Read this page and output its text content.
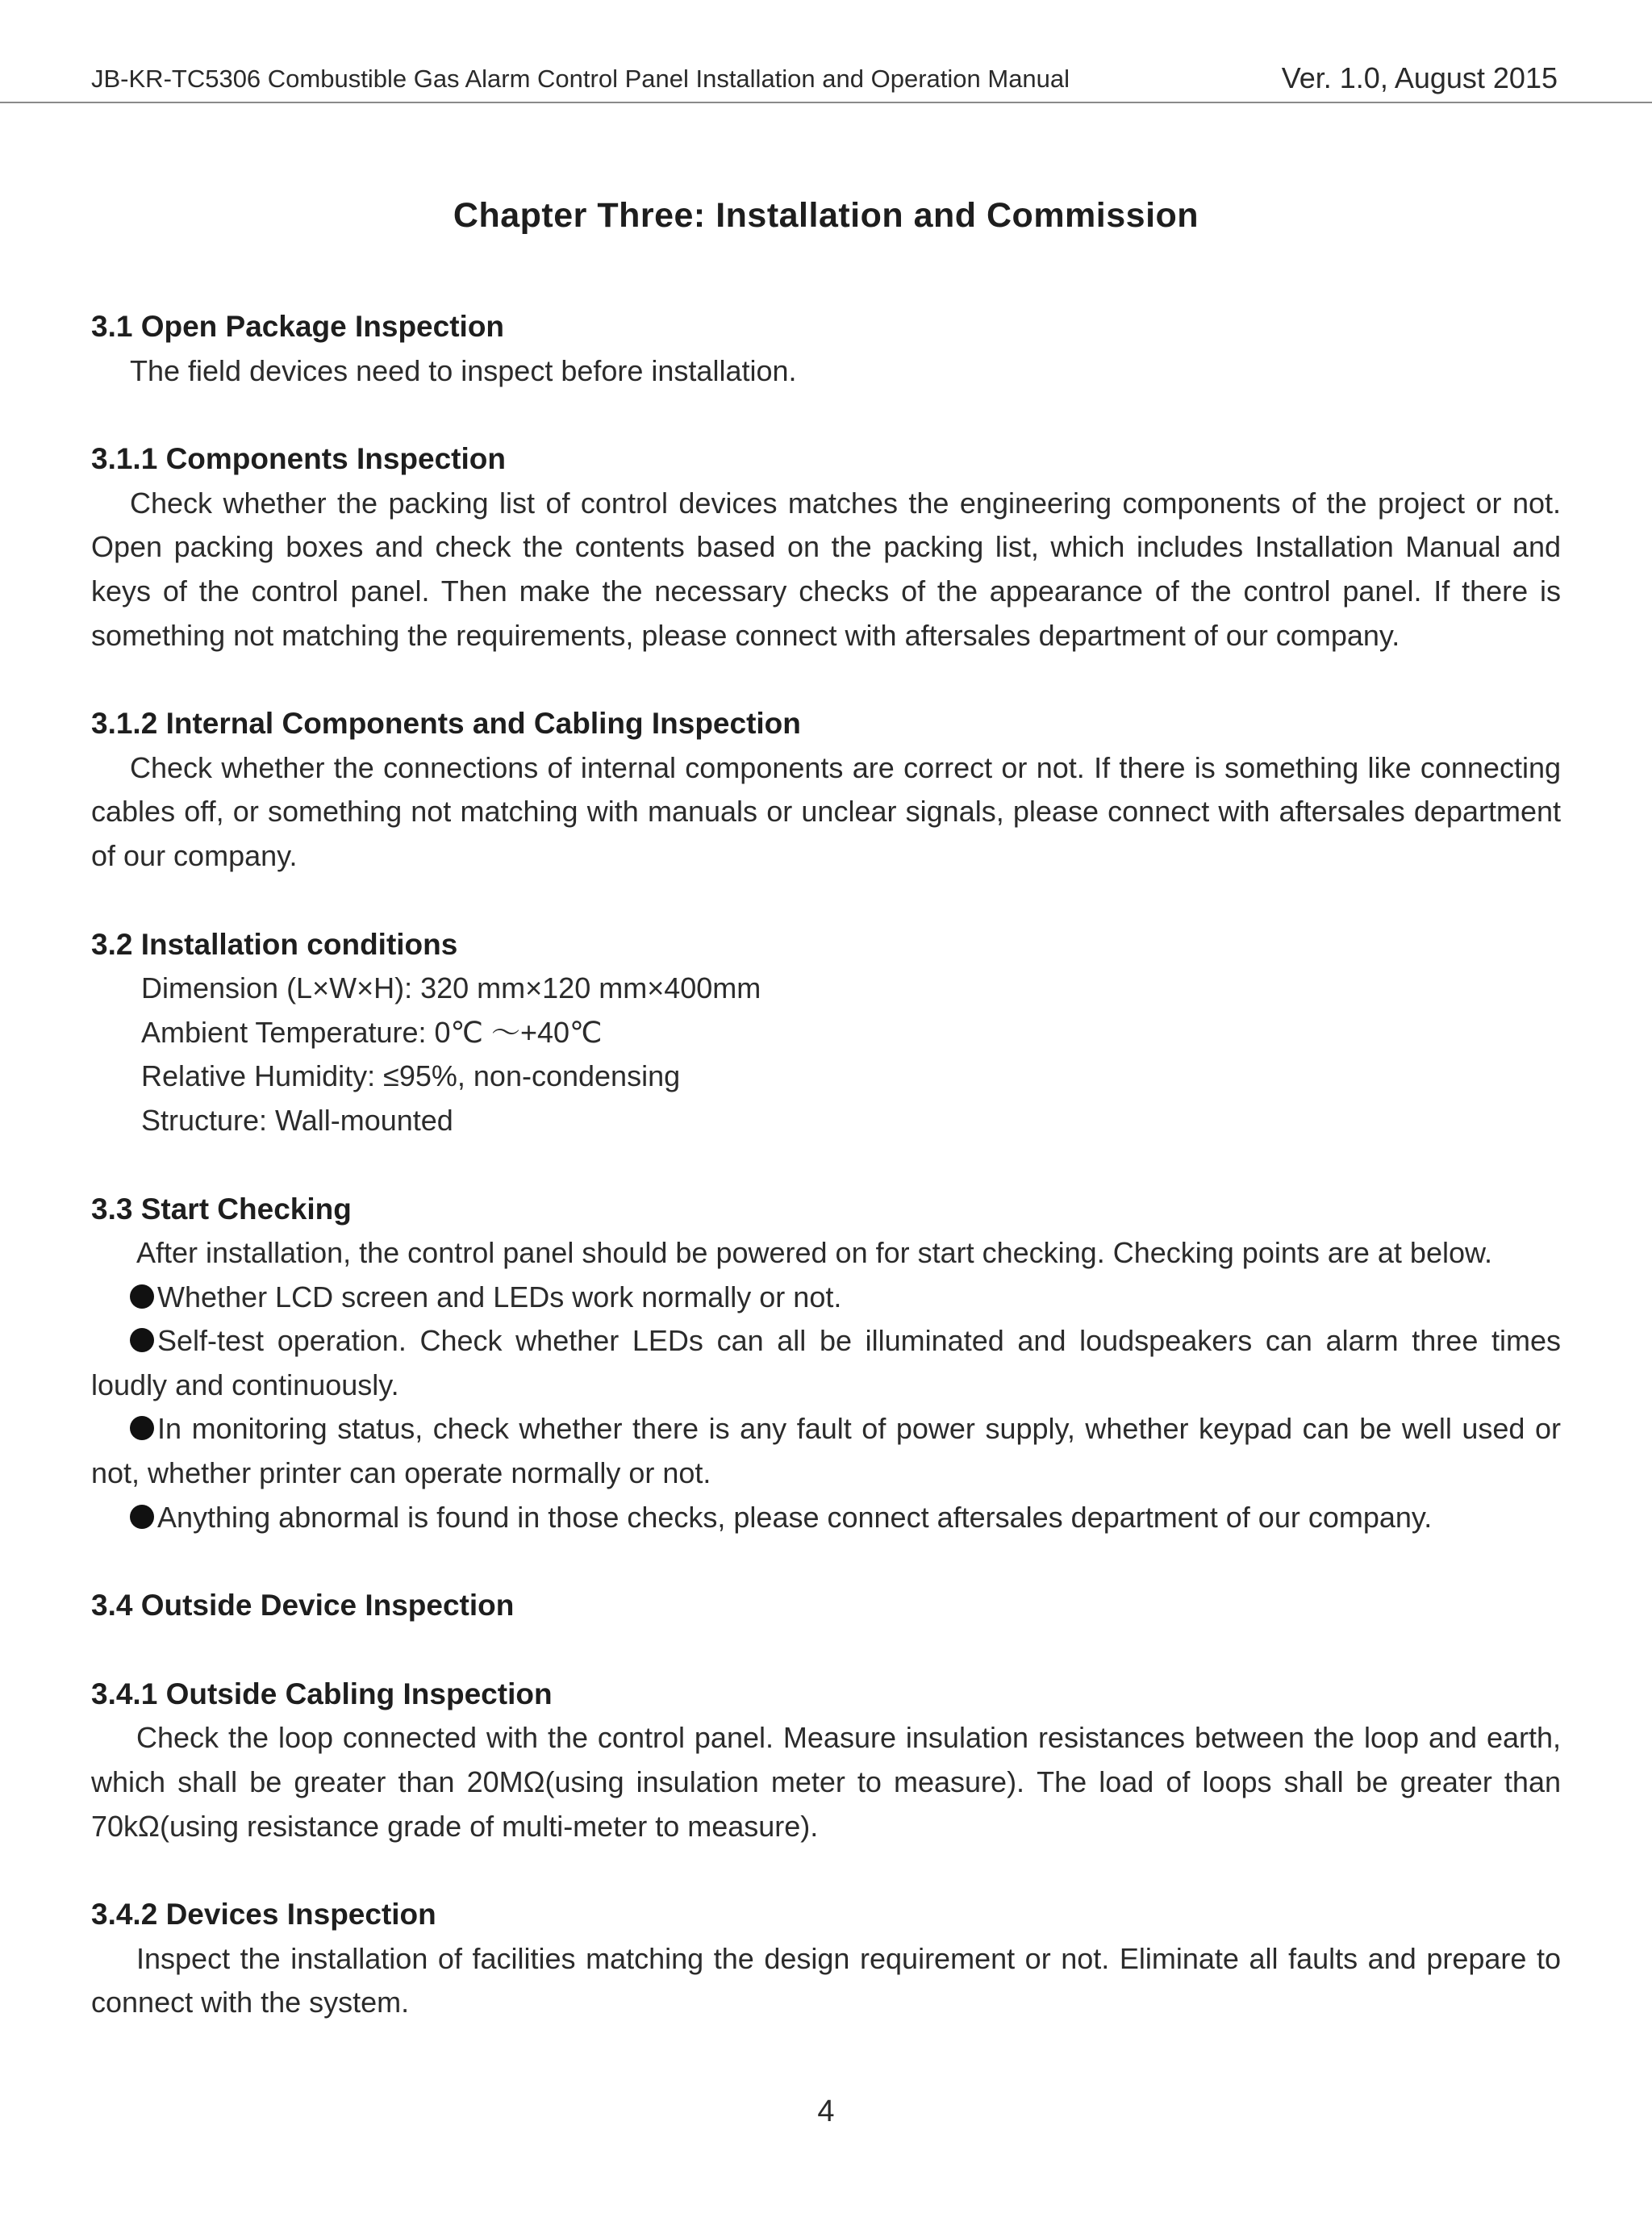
JB-KR-TC5306 Combustible Gas Alarm Control Panel Installation and Operation Manual	Ver. 1.0, August 2015
Chapter Three: Installation and Commission

3.1 Open Package Inspection

The field devices need to inspect before installation.

3.1.1 Components Inspection

Check whether the packing list of control devices matches the engineering components of the project or not. Open packing boxes and check the contents based on the packing list, which includes Installation Manual and keys of the control panel. Then make the necessary checks of the appearance of the control panel. If there is something not matching the requirements, please connect with aftersales department of our company.

3.1.2 Internal Components and Cabling Inspection

Check whether the connections of internal components are correct or not. If there is something like connecting cables off, or something not matching with manuals or unclear signals, please connect with aftersales department of our company.

3.2 Installation conditions

Dimension (L×W×H): 320 mm×120 mm×400mm

Ambient Temperature: 0℃ ～+40℃

Relative Humidity: ≤95%, non-condensing

Structure: Wall-mounted

3.3 Start Checking

After installation, the control panel should be powered on for start checking. Checking points are at below.

Whether LCD screen and LEDs work normally or not.

Self-test operation. Check whether LEDs can all be illuminated and loudspeakers can alarm three times loudly and continuously.

In monitoring status, check whether there is any fault of power supply, whether keypad can be well used or not, whether printer can operate normally or not.

Anything abnormal is found in those checks, please connect aftersales department of our company.

3.4 Outside Device Inspection

3.4.1 Outside Cabling Inspection

Check the loop connected with the control panel. Measure insulation resistances between the loop and earth, which shall be greater than 20MΩ(using insulation meter to measure). The load of loops shall be greater than 70kΩ(using resistance grade of multi-meter to measure).

3.4.2 Devices Inspection

Inspect the installation of facilities matching the design requirement or not. Eliminate all faults and prepare to connect with the system.

4
